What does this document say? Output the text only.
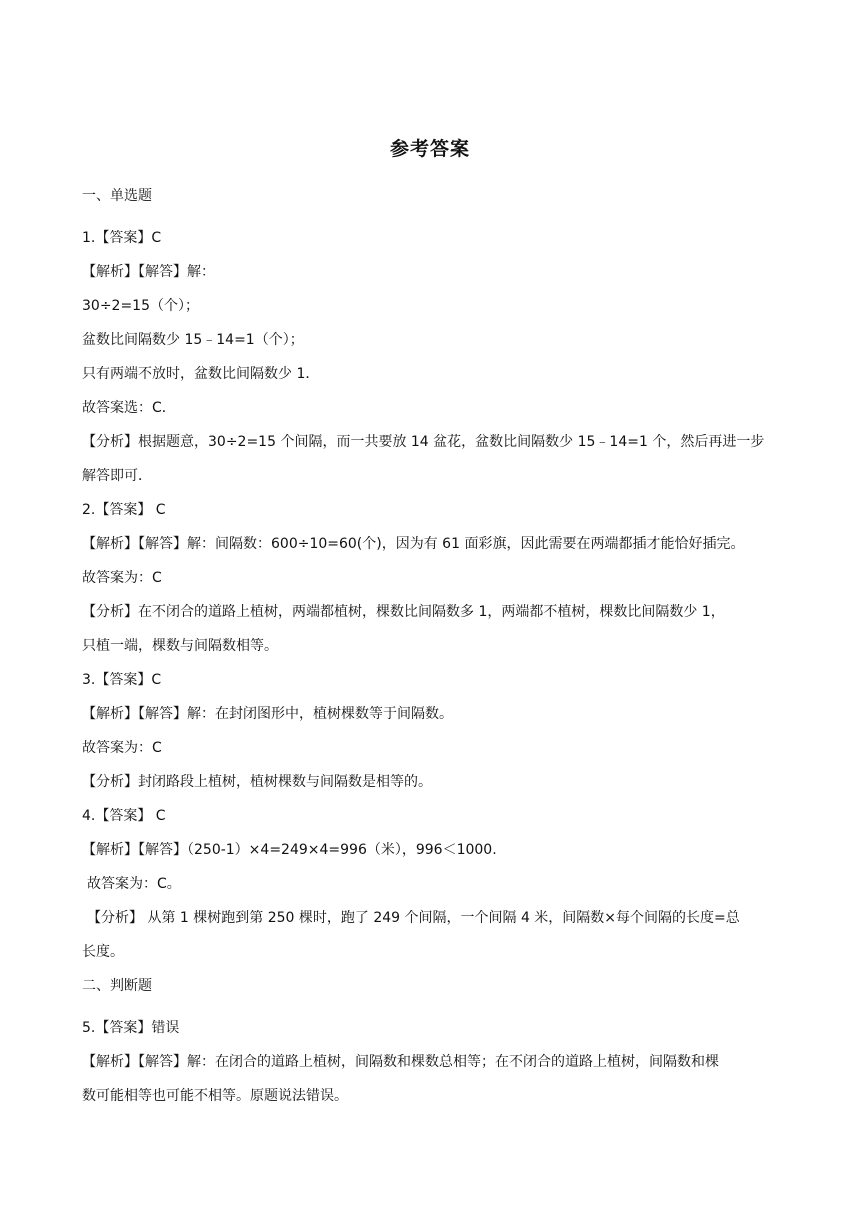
参考答案
一、单选题
1.【答案】C
【解析】【解答】解：
30÷2=15（个）；
盆数比间隔数少 15﹣14=1（个）；
只有两端不放时，盆数比间隔数少 1．
故答案选：C．
【分析】根据题意，30÷2=15 个间隔，而一共要放 14 盆花，盆数比间隔数少 15﹣14=1 个，然后再进一步
解答即可．
2.【答案】 C
【解析】【解答】解：间隔数：600÷10=60(个)，因为有 61 面彩旗，因此需要在两端都插才能恰好插完。
故答案为：C
【分析】在不闭合的道路上植树，两端都植树，棵数比间隔数多 1，两端都不植树，棵数比间隔数少 1，
只植一端，棵数与间隔数相等。
3.【答案】C
【解析】【解答】解：在封闭图形中，植树棵数等于间隔数。
故答案为：C
【分析】封闭路段上植树，植树棵数与间隔数是相等的。
4.【答案】 C
【解析】【解答】（250-1）×4=249×4=996（米），996＜1000.
故答案为：C。
【分析】 从第 1 棵树跑到第 250 棵时，跑了 249 个间隔，一个间隔 4 米，间隔数×每个间隔的长度=总
长度。
二、判断题
5.【答案】错误
【解析】【解答】解：在闭合的道路上植树，间隔数和棵数总相等；在不闭合的道路上植树，间隔数和棵
数可能相等也可能不相等。原题说法错误。
